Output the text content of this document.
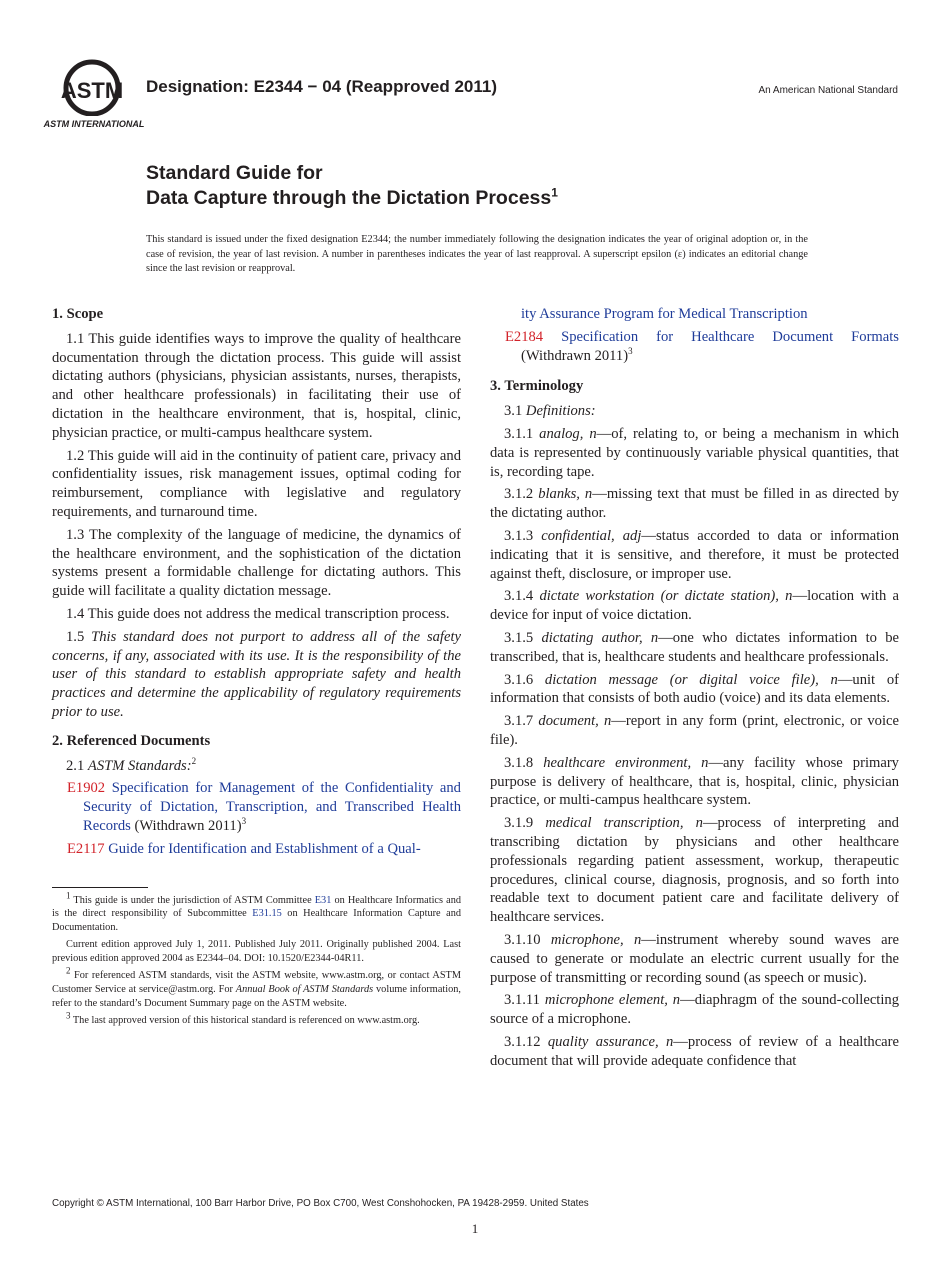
ASTM
ASTM INTERNATIONAL
Designation: E2344 − 04 (Reapproved 2011)	An American National Standard
Standard Guide for
Data Capture through the Dictation Process$^1$
This standard is issued under the fixed designation E2344; the number immediately following the designation indicates the year of original adoption or, in the case of revision, the year of last revision. A number in parentheses indicates the year of last reapproval. A superscript epsilon (ε) indicates an editorial change since the last revision or reapproval.
1. Scope

1.1 This guide identifies ways to improve the quality of healthcare documentation through the dictation process. This guide will assist dictating authors (physicians, physician assistants, nurses, therapists, and other healthcare professionals) in facilitating their use of dictation in the healthcare environment, that is, hospital, clinic, physician practice, or multi-campus healthcare system.

1.2 This guide will aid in the continuity of patient care, privacy and confidentiality issues, risk management issues, optimal coding for reimbursement, compliance with legislative and regulatory requirements, and turnaround time.

1.3 The complexity of the language of medicine, the dynamics of the healthcare environment, and the sophistication of the dictation systems present a formidable challenge for dictating authors. This guide will facilitate a quality dictation message.

1.4 This guide does not address the medical transcription process.

1.5 This standard does not purport to address all of the safety concerns, if any, associated with its use. It is the responsibility of the user of this standard to establish appropriate safety and health practices and determine the applicability of regulatory requirements prior to use.

2. Referenced Documents

2.1 ASTM Standards:$^2$

E1902 Specification for Management of the Confidentiality and Security of Dictation, Transcription, and Transcribed Health Records (Withdrawn 2011)$^3$

E2117 Guide for Identification and Establishment of a Qual-

$^1$ This guide is under the jurisdiction of ASTM Committee E31 on Healthcare Informatics and is the direct responsibility of Subcommittee E31.15 on Healthcare Information Capture and Documentation.

Current edition approved July 1, 2011. Published July 2011. Originally published 2004. Last previous edition approved 2004 as E2344–04. DOI: 10.1520/E2344-04R11.

$^2$ For referenced ASTM standards, visit the ASTM website, www.astm.org, or contact ASTM Customer Service at service@astm.org. For Annual Book of ASTM Standards volume information, refer to the standard’s Document Summary page on the ASTM website.

$^3$ The last approved version of this historical standard is referenced on www.astm.org.

ity Assurance Program for Medical Transcription

E2184 Specification for Healthcare Document Formats (Withdrawn 2011)$^3$

3. Terminology

3.1 Definitions:

3.1.1 analog, n—of, relating to, or being a mechanism in which data is represented by continuously variable physical quantities, that is, recording tape.

3.1.2 blanks, n—missing text that must be filled in as directed by the dictating author.

3.1.3 confidential, adj—status accorded to data or information indicating that it is sensitive, and therefore, it must be protected against theft, disclosure, or improper use.

3.1.4 dictate workstation (or dictate station), n—location with a device for input of voice dictation.

3.1.5 dictating author, n—one who dictates information to be transcribed, that is, healthcare students and healthcare professionals.

3.1.6 dictation message (or digital voice file), n—unit of information that consists of both audio (voice) and its data elements.

3.1.7 document, n—report in any form (print, electronic, or voice file).

3.1.8 healthcare environment, n—any facility whose primary purpose is delivery of healthcare, that is, hospital, clinic, physician practice, or multi-campus healthcare system.

3.1.9 medical transcription, n—process of interpreting and transcribing dictation by physicians and other healthcare professionals regarding patient assessment, workup, therapeutic procedures, clinical course, diagnosis, prognosis, and so forth into readable text to document patient care and facilitate delivery of healthcare services.

3.1.10 microphone, n—instrument whereby sound waves are caused to generate or modulate an electric current usually for the purpose of transmitting or recording sound (as speech or music).

3.1.11 microphone element, n—diaphragm of the sound-collecting source of a microphone.

3.1.12 quality assurance, n—process of review of a healthcare document that will provide adequate confidence that

Copyright © ASTM International, 100 Barr Harbor Drive, PO Box C700, West Conshohocken, PA 19428-2959. United States
1
